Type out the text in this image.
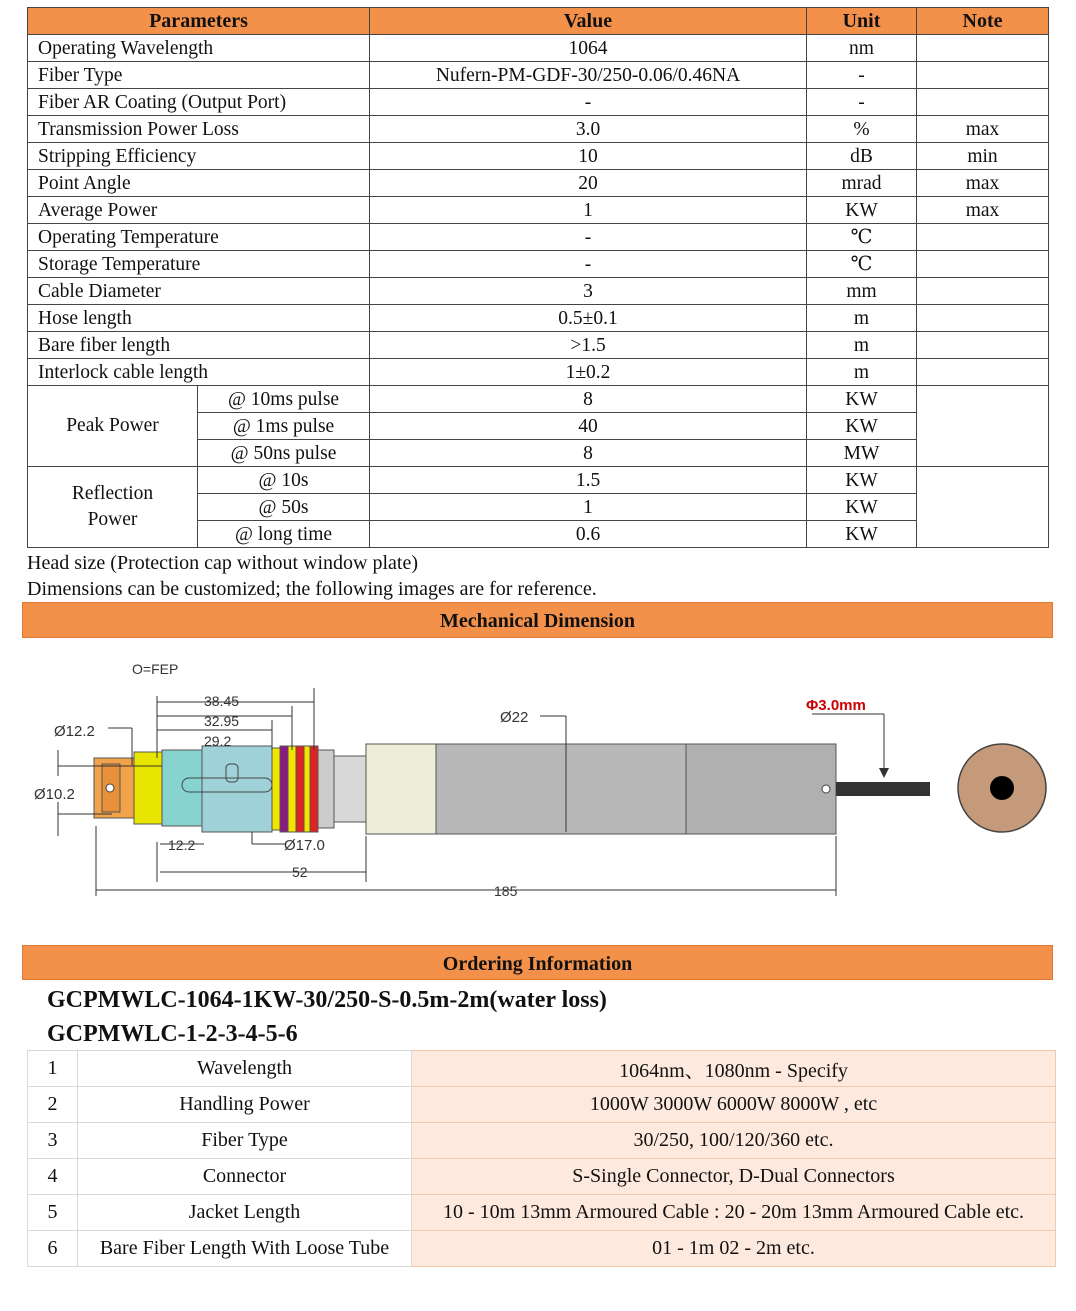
Parameters		Value	Unit	Note
Operating Wavelength		1064	nm	
Fiber Type		Nufern-PM-GDF-30/250-0.06/0.46NA	-	
Fiber AR Coating (Output Port)		-	-	
Transmission Power Loss		3.0	%	max
Stripping Efficiency		10	dB	min
Point Angle		20	mrad	max
Average Power		1	KW	max
Operating Temperature		-	℃	
Storage Temperature		-	℃	
Cable Diameter		3	mm	
Hose length		0.5±0.1	m	
Bare fiber length		>1.5	m	
Interlock cable length		1±0.2	m	
Peak Power	@ 10ms pulse	8	KW	
	@ 1ms pulse	40	KW	
	@ 50ns pulse	8	MW	
Reflection
Power	@ 10s	1.5	KW	
	@ 50s	1	KW	
	@ long time	0.6	KW	
Head size (Protection cap without window plate)
Dimensions can be customized; the following images are for reference.
Mechanical Dimension
O=FEP
38.45
32.95
29.2
Ø12.2
Ø10.2
Ø22
Φ3.0mm
12.2	Ø17.0
52
185
Ordering Information
GCPMWLC-1064-1KW-30/250-S-0.5m-2m(water loss)
GCPMWLC-1-2-3-4-5-6
1	Wavelength	1064nm、1080nm - Specify
2	Handling Power	1000W 3000W 6000W 8000W , etc
3	Fiber Type	30/250, 100/120/360 etc.
4	Connector	S-Single Connector, D-Dual Connectors
5	Jacket Length	10 - 10m 13mm Armoured Cable : 20 - 20m 13mm Armoured Cable etc.
6	Bare Fiber Length With Loose Tube	01 - 1m 02 - 2m etc.
